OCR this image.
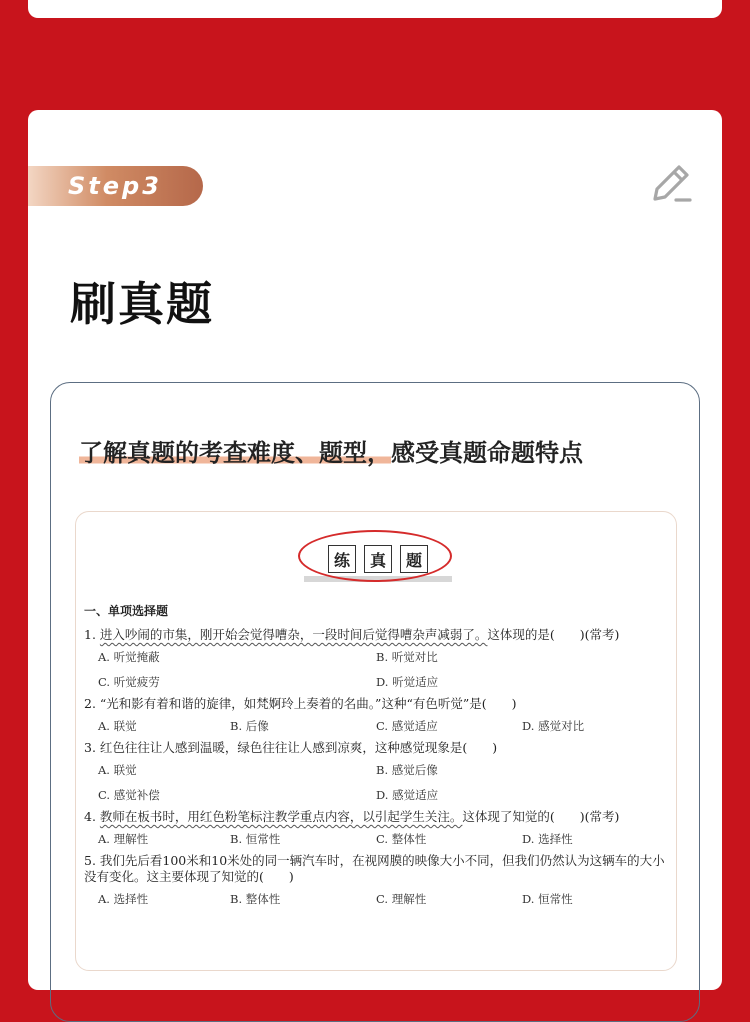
Step3
刷真题

了解真题的考查难度、题型，感受真题命题特点

练	真	题
一、单项选择题
1. 进入吵闹的市集，刚开始会觉得嘈杂，一段时间后觉得嘈杂声减弱了。这体现的是(　　)(常考)
A. 听觉掩蔽	B. 听觉对比
C. 听觉疲劳	D. 听觉适应
2. “光和影有着和谐的旋律，如梵婀玲上奏着的名曲。”这种“有色听觉”是(　　)
A. 联觉	B. 后像	C. 感觉适应	D. 感觉对比
3. 红色往往让人感到温暖，绿色往往让人感到凉爽，这种感觉现象是(　　)
A. 联觉	B. 感觉后像
C. 感觉补偿	D. 感觉适应
4. 教师在板书时，用红色粉笔标注教学重点内容，以引起学生关注。这体现了知觉的(　　)(常考)
A. 理解性	B. 恒常性	C. 整体性	D. 选择性
5. 我们先后看100米和10米处的同一辆汽车时，在视网膜的映像大小不同，但我们仍然认为这辆车的大小没有变化。这主要体现了知觉的(　　)
A. 选择性	B. 整体性	C. 理解性	D. 恒常性
